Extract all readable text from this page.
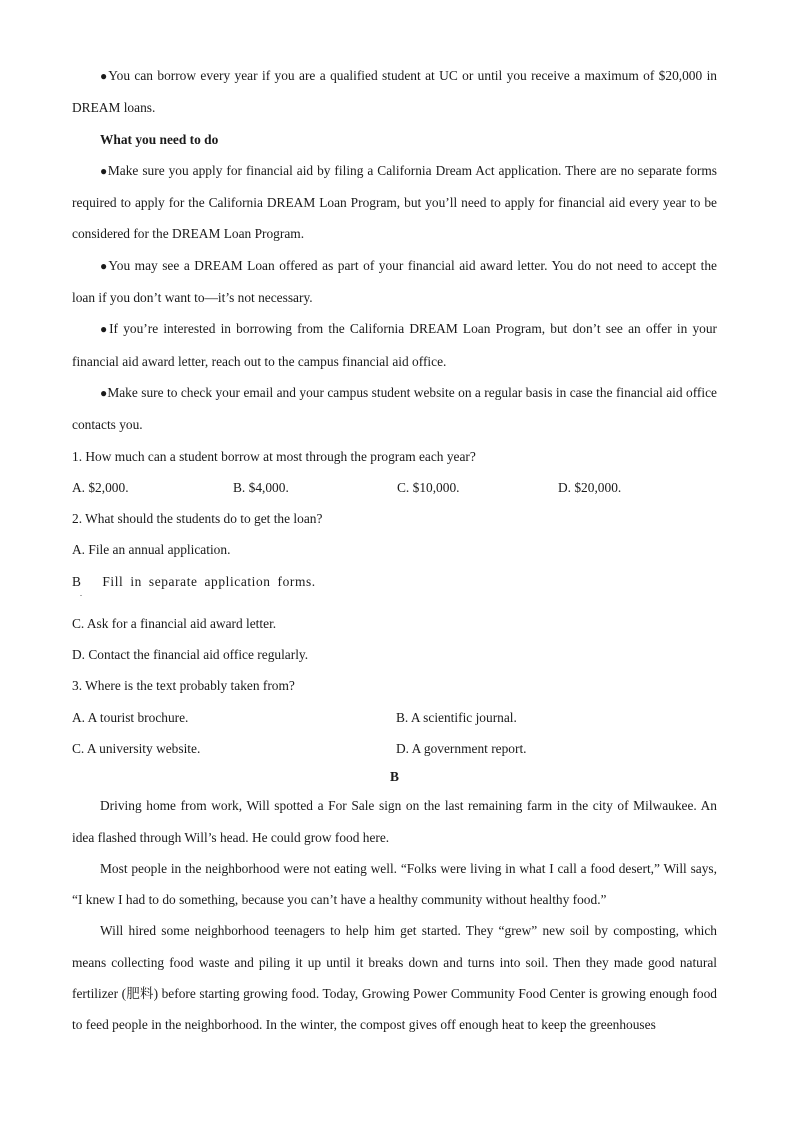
●You can borrow every year if you are a qualified student at UC or until you receive a maximum of $20,000 in DREAM loans.

What you need to do

●Make sure you apply for financial aid by filing a California Dream Act application. There are no separate forms required to apply for the California DREAM Loan Program, but you’ll need to apply for financial aid every year to be considered for the DREAM Loan Program.

●You may see a DREAM Loan offered as part of your financial aid award letter. You do not need to accept the loan if you don’t want to—it’s not necessary.

●If you’re interested in borrowing from the California DREAM Loan Program, but don’t see an offer in your financial aid award letter, reach out to the campus financial aid office.

●Make sure to check your email and your campus student website on a regular basis in case the financial aid office contacts you.

1. How much can a student borrow at most through the program each year?

A. $2,000.	B. $4,000.	C. $10,000.	D. $20,000.

2. What should the students do to get the loan?

A. File an annual application.

B   Fill in separate application forms.
.

C. Ask for a financial aid award letter.

D. Contact the financial aid office regularly.

3. Where is the text probably taken from?

A. A tourist brochure.	B. A scientific journal.
C. A university website.	D. A government report.

B

Driving home from work, Will spotted a For Sale sign on the last remaining farm in the city of Milwaukee. An idea flashed through Will’s head. He could grow food here.

Most people in the neighborhood were not eating well. “Folks were living in what I call a food desert,” Will says, “I knew I had to do something, because you can’t have a healthy community without healthy food.”

Will hired some neighborhood teenagers to help him get started. They “grew” new soil by composting, which means collecting food waste and piling it up until it breaks down and turns into soil. Then they made good natural fertilizer (肥料) before starting growing food. Today, Growing Power Community Food Center is growing enough food to feed people in the neighborhood. In the winter, the compost gives off enough heat to keep the greenhouses
